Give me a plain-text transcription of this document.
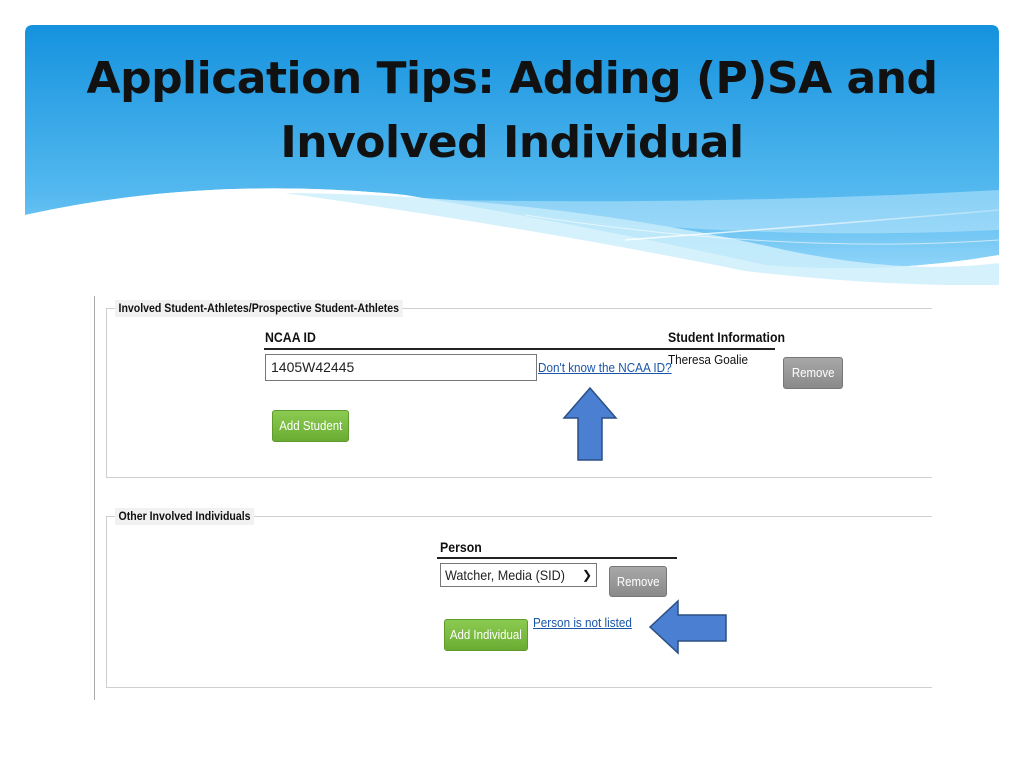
Application Tips: Adding (P)SA and
Involved Individual
Involved Student-Athletes/Prospective Student-Athletes
NCAA ID	Student Information
1405W42445	Don't know the NCAA ID?
Theresa Goalie
Remove
Add Student
Other Involved Individuals
Person
Watcher, Media (SID) ❯	Remove
Add Individual
Person is not listed
